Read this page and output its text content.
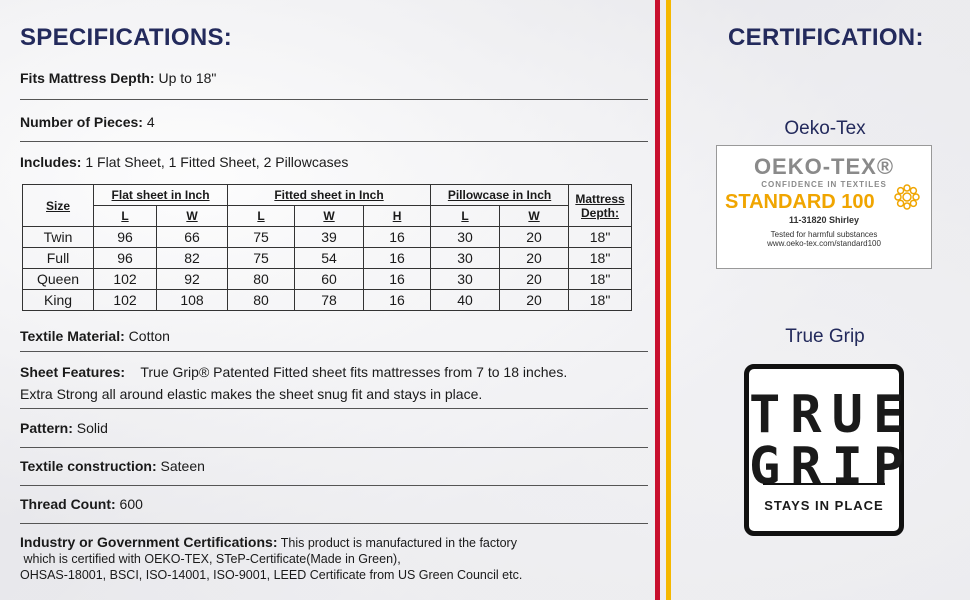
SPECIFICATIONS:
Fits Mattress Depth: Up to 18"
Number of Pieces: 4
Includes: 1 Flat Sheet, 1 Fitted Sheet, 2 Pillowcases
Size	Flat sheet in Inch		Fitted sheet in Inch			Pillowcase in Inch		Mattress Depth:
	L	W	L	W	H	L	W	
Twin	96	66	75	39	16	30	20	18"
Full	96	82	75	54	16	30	20	18"
Queen	102	92	80	60	16	30	20	18"
King	102	108	80	78	16	40	20	18"
Textile Material: Cotton
Sheet Features:    True Grip® Patented Fitted sheet fits mattresses from 7 to 18 inches.
Extra Strong all around elastic makes the sheet snug fit and stays in place.
Pattern: Solid
Textile construction: Sateen
Thread Count: 600
Industry or Government Certifications: This product is manufactured in the factory
which is certified with OEKO-TEX, STeP-Certificate(Made in Green),
OHSAS-18001, BSCI, ISO-14001, ISO-9001, LEED Certificate from US Green Council etc.
CERTIFICATION:
Oeko-Tex
OEKO-TEX®
CONFIDENCE IN TEXTILES
STANDARD 100
11-31820 Shirley
Tested for harmful substances
www.oeko-tex.com/standard100
True Grip
TRUE
GRIP
STAYS IN PLACE
